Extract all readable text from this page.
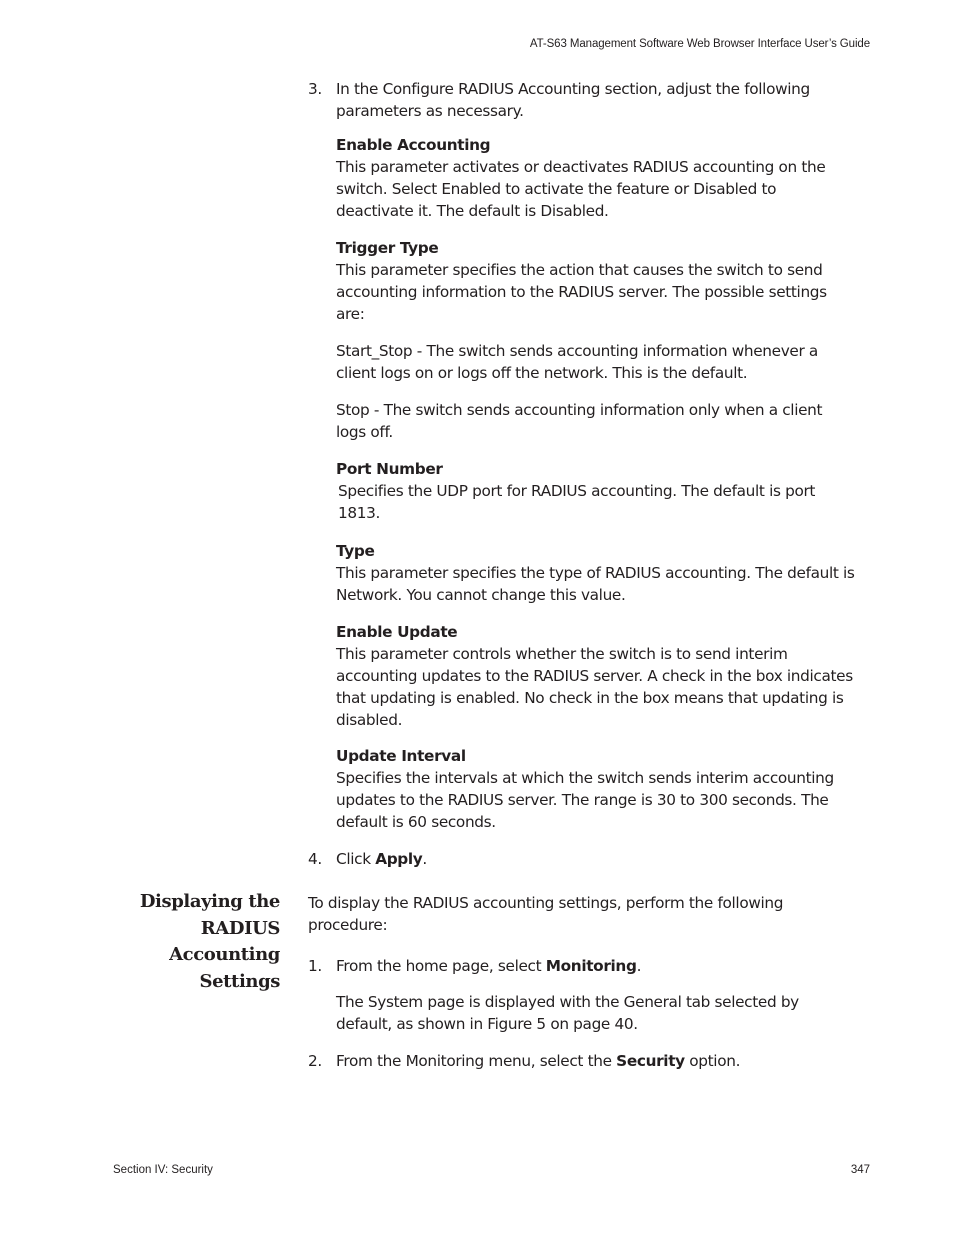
AT-S63 Management Software Web Browser Interface User’s Guide
3. In the Configure RADIUS Accounting section, adjust the following parameters as necessary.
Enable Accounting
This parameter activates or deactivates RADIUS accounting on the switch. Select Enabled to activate the feature or Disabled to deactivate it. The default is Disabled.
Trigger Type
This parameter specifies the action that causes the switch to send accounting information to the RADIUS server. The possible settings are:
Start_Stop - The switch sends accounting information whenever a client logs on or logs off the network. This is the default.
Stop - The switch sends accounting information only when a client logs off.
Port Number
Specifies the UDP port for RADIUS accounting. The default is port 1813.
Type
This parameter specifies the type of RADIUS accounting. The default is Network. You cannot change this value.
Enable Update
This parameter controls whether the switch is to send interim accounting updates to the RADIUS server. A check in the box indicates that updating is enabled. No check in the box means that updating is disabled.
Update Interval
Specifies the intervals at which the switch sends interim accounting updates to the RADIUS server. The range is 30 to 300 seconds. The default is 60 seconds.
4. Click Apply.
Displaying the
RADIUS
Accounting
Settings
To display the RADIUS accounting settings, perform the following procedure:
1. From the home page, select Monitoring.
The System page is displayed with the General tab selected by default, as shown in Figure 5 on page 40.
2. From the Monitoring menu, select the Security option.
Section IV: Security	347
